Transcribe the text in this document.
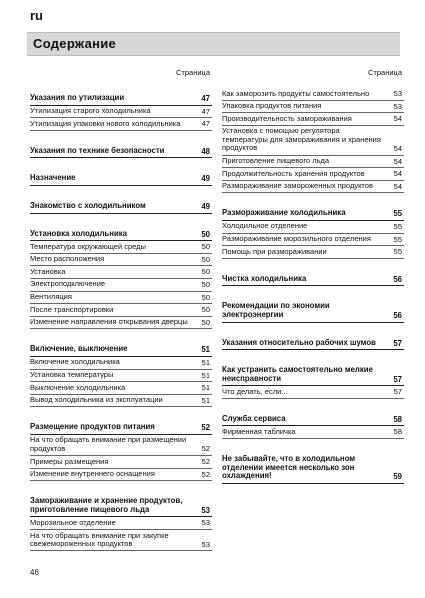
ru
Содержание
Страница
Указания по утилизации	47
Утилизация старого холодильника	47
Утилизация упаковки нового холодильника	47
Указания по технике безопасности	48
Назначение	49
Знакомство с холодильником	49
Установка холодильника	50
Температура окружающей среды	50
Место расположения	50
Установка	50
Электроподключение	50
Вентиляция	50
После транспортировки	50
Изменение направления открывания дверцы	50
Включение, выключение	51
Включение холодильника	51
Установка температуры	51
Выключение холодильника	51
Вывод холодильника из эксплуатации	51
Размещение продуктов питания	52
На что обращать внимание при размещении продуктов	52
Примеры размещения	52
Изменение внутреннего оснащения	52
Замораживание и хранение продуктов, приготовление пищевого льда	53
Морозильное отделение	53
На что обращать внимание при закупке свежемороженных продуктов	53
Страница
Как заморозить продукты самостоятельно	53
Упаковка продуктов питания	53
Производительность замораживания	54
Установка с помощью регулятора температуры для замораживания и хранения продуктов	54
Приготовление пищевого льда	54
Продолжительность хранения продуктов	54
Размораживание замороженных продуктов	54
Размораживание холодильника	55
Холодильное отделение	55
Размораживание морозильного отделения	55
Помощь при размораживании	55
Чистка холодильника	56
Рекомендации по экономии электроэнергии	56
Указания относительно рабочих шумов	57
Как устранить самостоятельно мелкие неисправности	57
Что делать, если...	57
Служба сервиса	58
Фирменная табличка	58
Не забывайте, что в холодильном отделении имеется несколько зон охлаждения!	59
46
